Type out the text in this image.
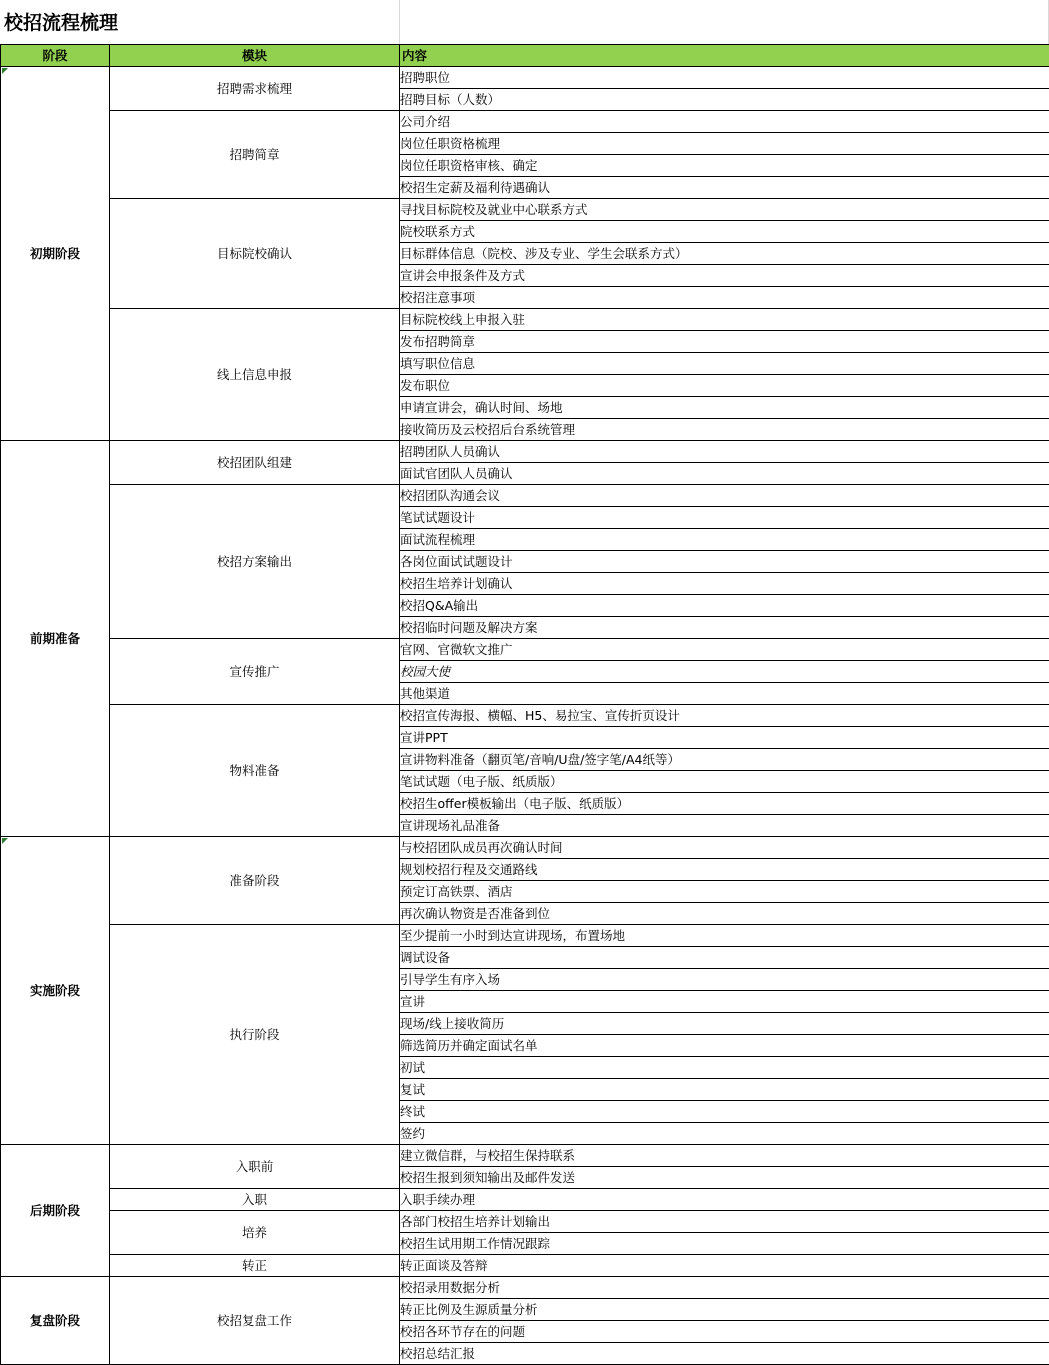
校招流程梳理
阶段	模块	内容
初期阶段	招聘需求梳理	招聘职位
		招聘目标（人数）
	招聘简章	公司介绍
		岗位任职资格梳理
		岗位任职资格审核、确定
		校招生定薪及福利待遇确认
	目标院校确认	寻找目标院校及就业中心联系方式
		院校联系方式
		目标群体信息（院校、涉及专业、学生会联系方式）
		宣讲会申报条件及方式
		校招注意事项
	线上信息申报	目标院校线上申报入驻
		发布招聘简章
		填写职位信息
		发布职位
		申请宣讲会，确认时间、场地
		接收简历及云校招后台系统管理
前期准备	校招团队组建	招聘团队人员确认
		面试官团队人员确认
	校招方案输出	校招团队沟通会议
		笔试试题设计
		面试流程梳理
		各岗位面试试题设计
		校招生培养计划确认
		校招Q&A输出
		校招临时问题及解决方案
	宣传推广	官网、官微软文推广
		校园大使
		其他渠道
	物料准备	校招宣传海报、横幅、H5、易拉宝、宣传折页设计
		宣讲PPT
		宣讲物料准备（翻页笔/音响/U盘/签字笔/A4纸等）
		笔试试题（电子版、纸质版）
		校招生offer模板输出（电子版、纸质版）
		宣讲现场礼品准备
实施阶段	准备阶段	与校招团队成员再次确认时间
		规划校招行程及交通路线
		预定订高铁票、酒店
		再次确认物资是否准备到位
	执行阶段	至少提前一小时到达宣讲现场，布置场地
		调试设备
		引导学生有序入场
		宣讲
		现场/线上接收简历
		筛选简历并确定面试名单
		初试
		复试
		终试
		签约
后期阶段	入职前	建立微信群，与校招生保持联系
		校招生报到须知输出及邮件发送
	入职	入职手续办理
	培养	各部门校招生培养计划输出
		校招生试用期工作情况跟踪
	转正	转正面谈及答辩
复盘阶段	校招复盘工作	校招录用数据分析
		转正比例及生源质量分析
		校招各环节存在的问题
		校招总结汇报
